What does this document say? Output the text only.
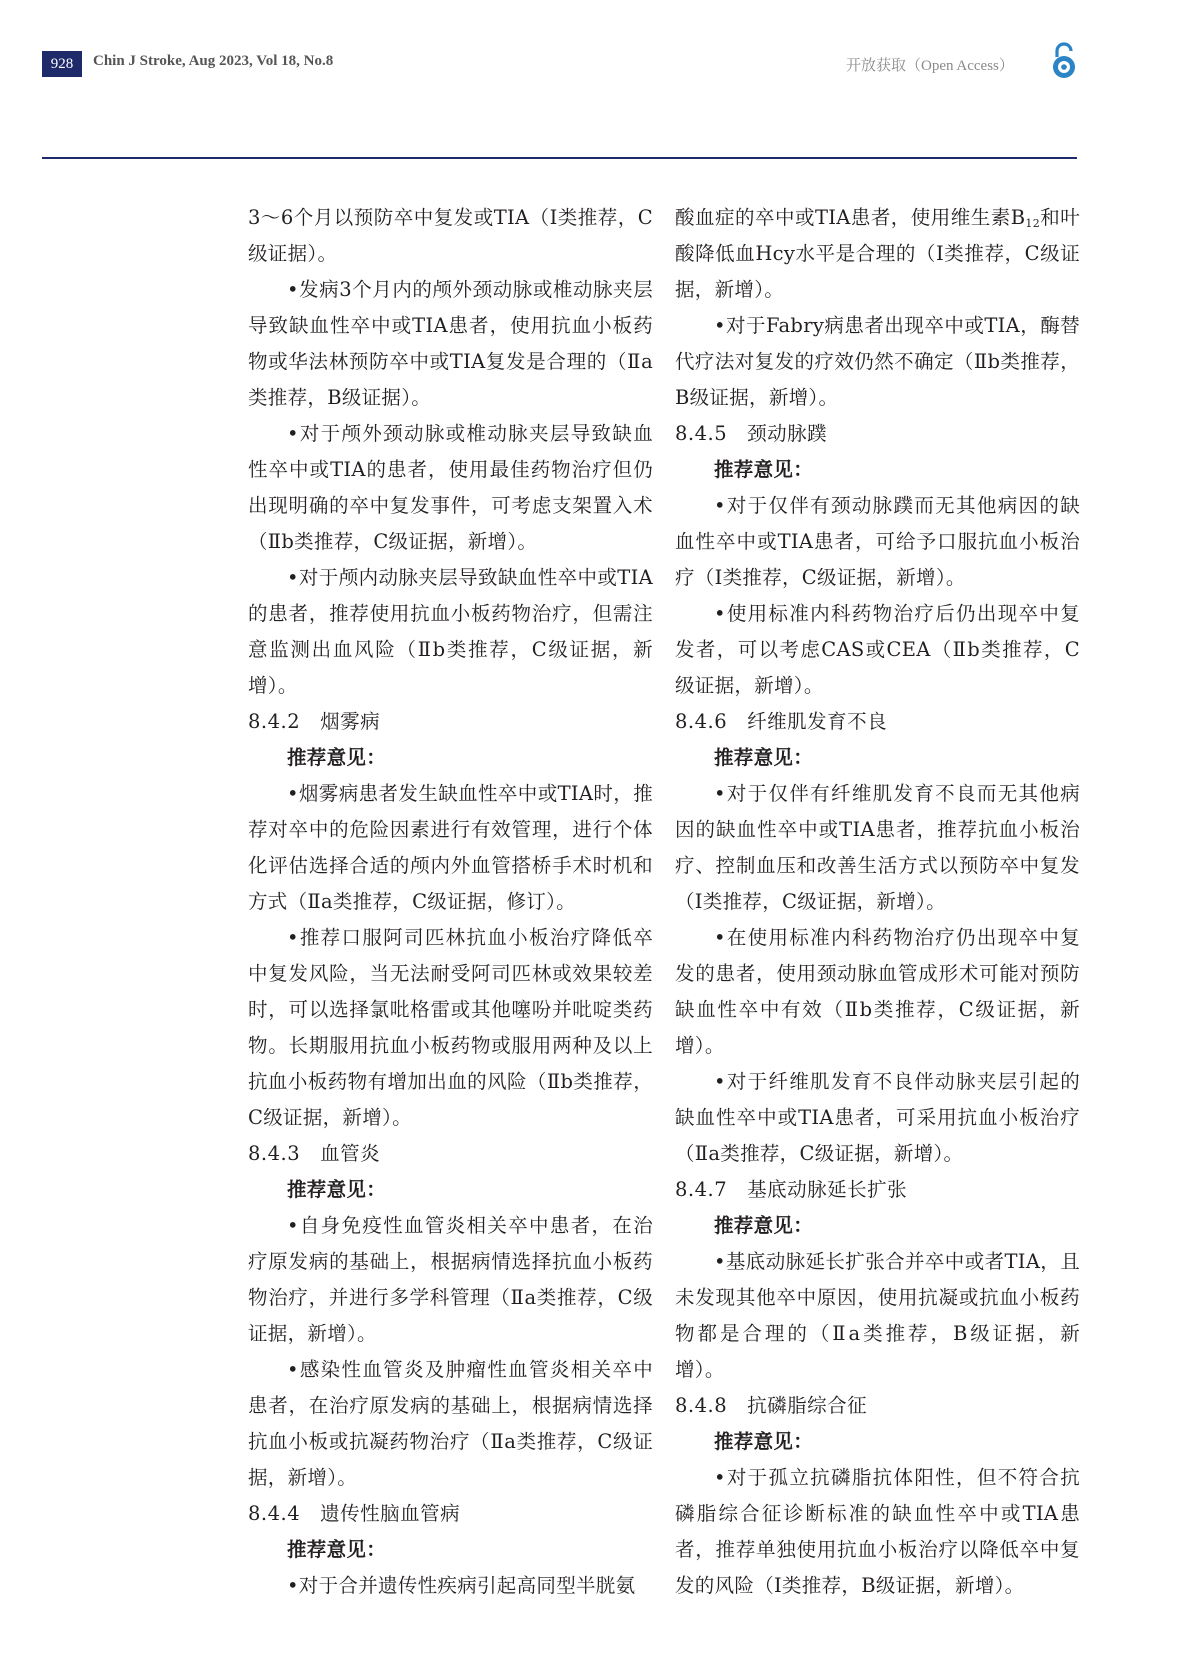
928	Chin J Stroke, Aug 2023, Vol 18, No.8	开放获取（Open Access）

3～6个月以预防卒中复发或TIA（Ⅰ类推荐，C级证据）。

•发病3个月内的颅外颈动脉或椎动脉夹层导致缺血性卒中或TIA患者，使用抗血小板药物或华法林预防卒中或TIA复发是合理的（Ⅱa类推荐，B级证据）。

•对于颅外颈动脉或椎动脉夹层导致缺血性卒中或TIA的患者，使用最佳药物治疗但仍出现明确的卒中复发事件，可考虑支架置入术（Ⅱb类推荐，C级证据，新增）。

•对于颅内动脉夹层导致缺血性卒中或TIA的患者，推荐使用抗血小板药物治疗，但需注意监测出血风险（Ⅱb类推荐，C级证据，新增）。

8.4.2　烟雾病

推荐意见：

•烟雾病患者发生缺血性卒中或TIA时，推荐对卒中的危险因素进行有效管理，进行个体化评估选择合适的颅内外血管搭桥手术时机和方式（Ⅱa类推荐，C级证据，修订）。

•推荐口服阿司匹林抗血小板治疗降低卒中复发风险，当无法耐受阿司匹林或效果较差时，可以选择氯吡格雷或其他噻吩并吡啶类药物。长期服用抗血小板药物或服用两种及以上抗血小板药物有增加出血的风险（Ⅱb类推荐，C级证据，新增）。

8.4.3　血管炎

推荐意见：

•自身免疫性血管炎相关卒中患者，在治疗原发病的基础上，根据病情选择抗血小板药物治疗，并进行多学科管理（Ⅱa类推荐，C级证据，新增）。

•感染性血管炎及肿瘤性血管炎相关卒中患者，在治疗原发病的基础上，根据病情选择抗血小板或抗凝药物治疗（Ⅱa类推荐，C级证据，新增）。

8.4.4　遗传性脑血管病

推荐意见：

•对于合并遗传性疾病引起高同型半胱氨

酸血症的卒中或TIA患者，使用维生素$B_{12}$和叶酸降低血Hcy水平是合理的（Ⅰ类推荐，C级证据，新增）。

•对于Fabry病患者出现卒中或TIA，酶替代疗法对复发的疗效仍然不确定（Ⅱb类推荐，B级证据，新增）。

8.4.5　颈动脉蹼

推荐意见：

•对于仅伴有颈动脉蹼而无其他病因的缺血性卒中或TIA患者，可给予口服抗血小板治疗（Ⅰ类推荐，C级证据，新增）。

•使用标准内科药物治疗后仍出现卒中复发者，可以考虑CAS或CEA（Ⅱb类推荐，C级证据，新增）。

8.4.6　纤维肌发育不良

推荐意见：

•对于仅伴有纤维肌发育不良而无其他病因的缺血性卒中或TIA患者，推荐抗血小板治疗、控制血压和改善生活方式以预防卒中复发（Ⅰ类推荐，C级证据，新增）。

•在使用标准内科药物治疗仍出现卒中复发的患者，使用颈动脉血管成形术可能对预防缺血性卒中有效（Ⅱb类推荐，C级证据，新增）。

•对于纤维肌发育不良伴动脉夹层引起的缺血性卒中或TIA患者，可采用抗血小板治疗（Ⅱa类推荐，C级证据，新增）。

8.4.7　基底动脉延长扩张

推荐意见：

•基底动脉延长扩张合并卒中或者TIA，且未发现其他卒中原因，使用抗凝或抗血小板药物都是合理的（Ⅱa类推荐，B级证据，新增）。

8.4.8　抗磷脂综合征

推荐意见：

•对于孤立抗磷脂抗体阳性，但不符合抗磷脂综合征诊断标准的缺血性卒中或TIA患者，推荐单独使用抗血小板治疗以降低卒中复发的风险（Ⅰ类推荐，B级证据，新增）。
